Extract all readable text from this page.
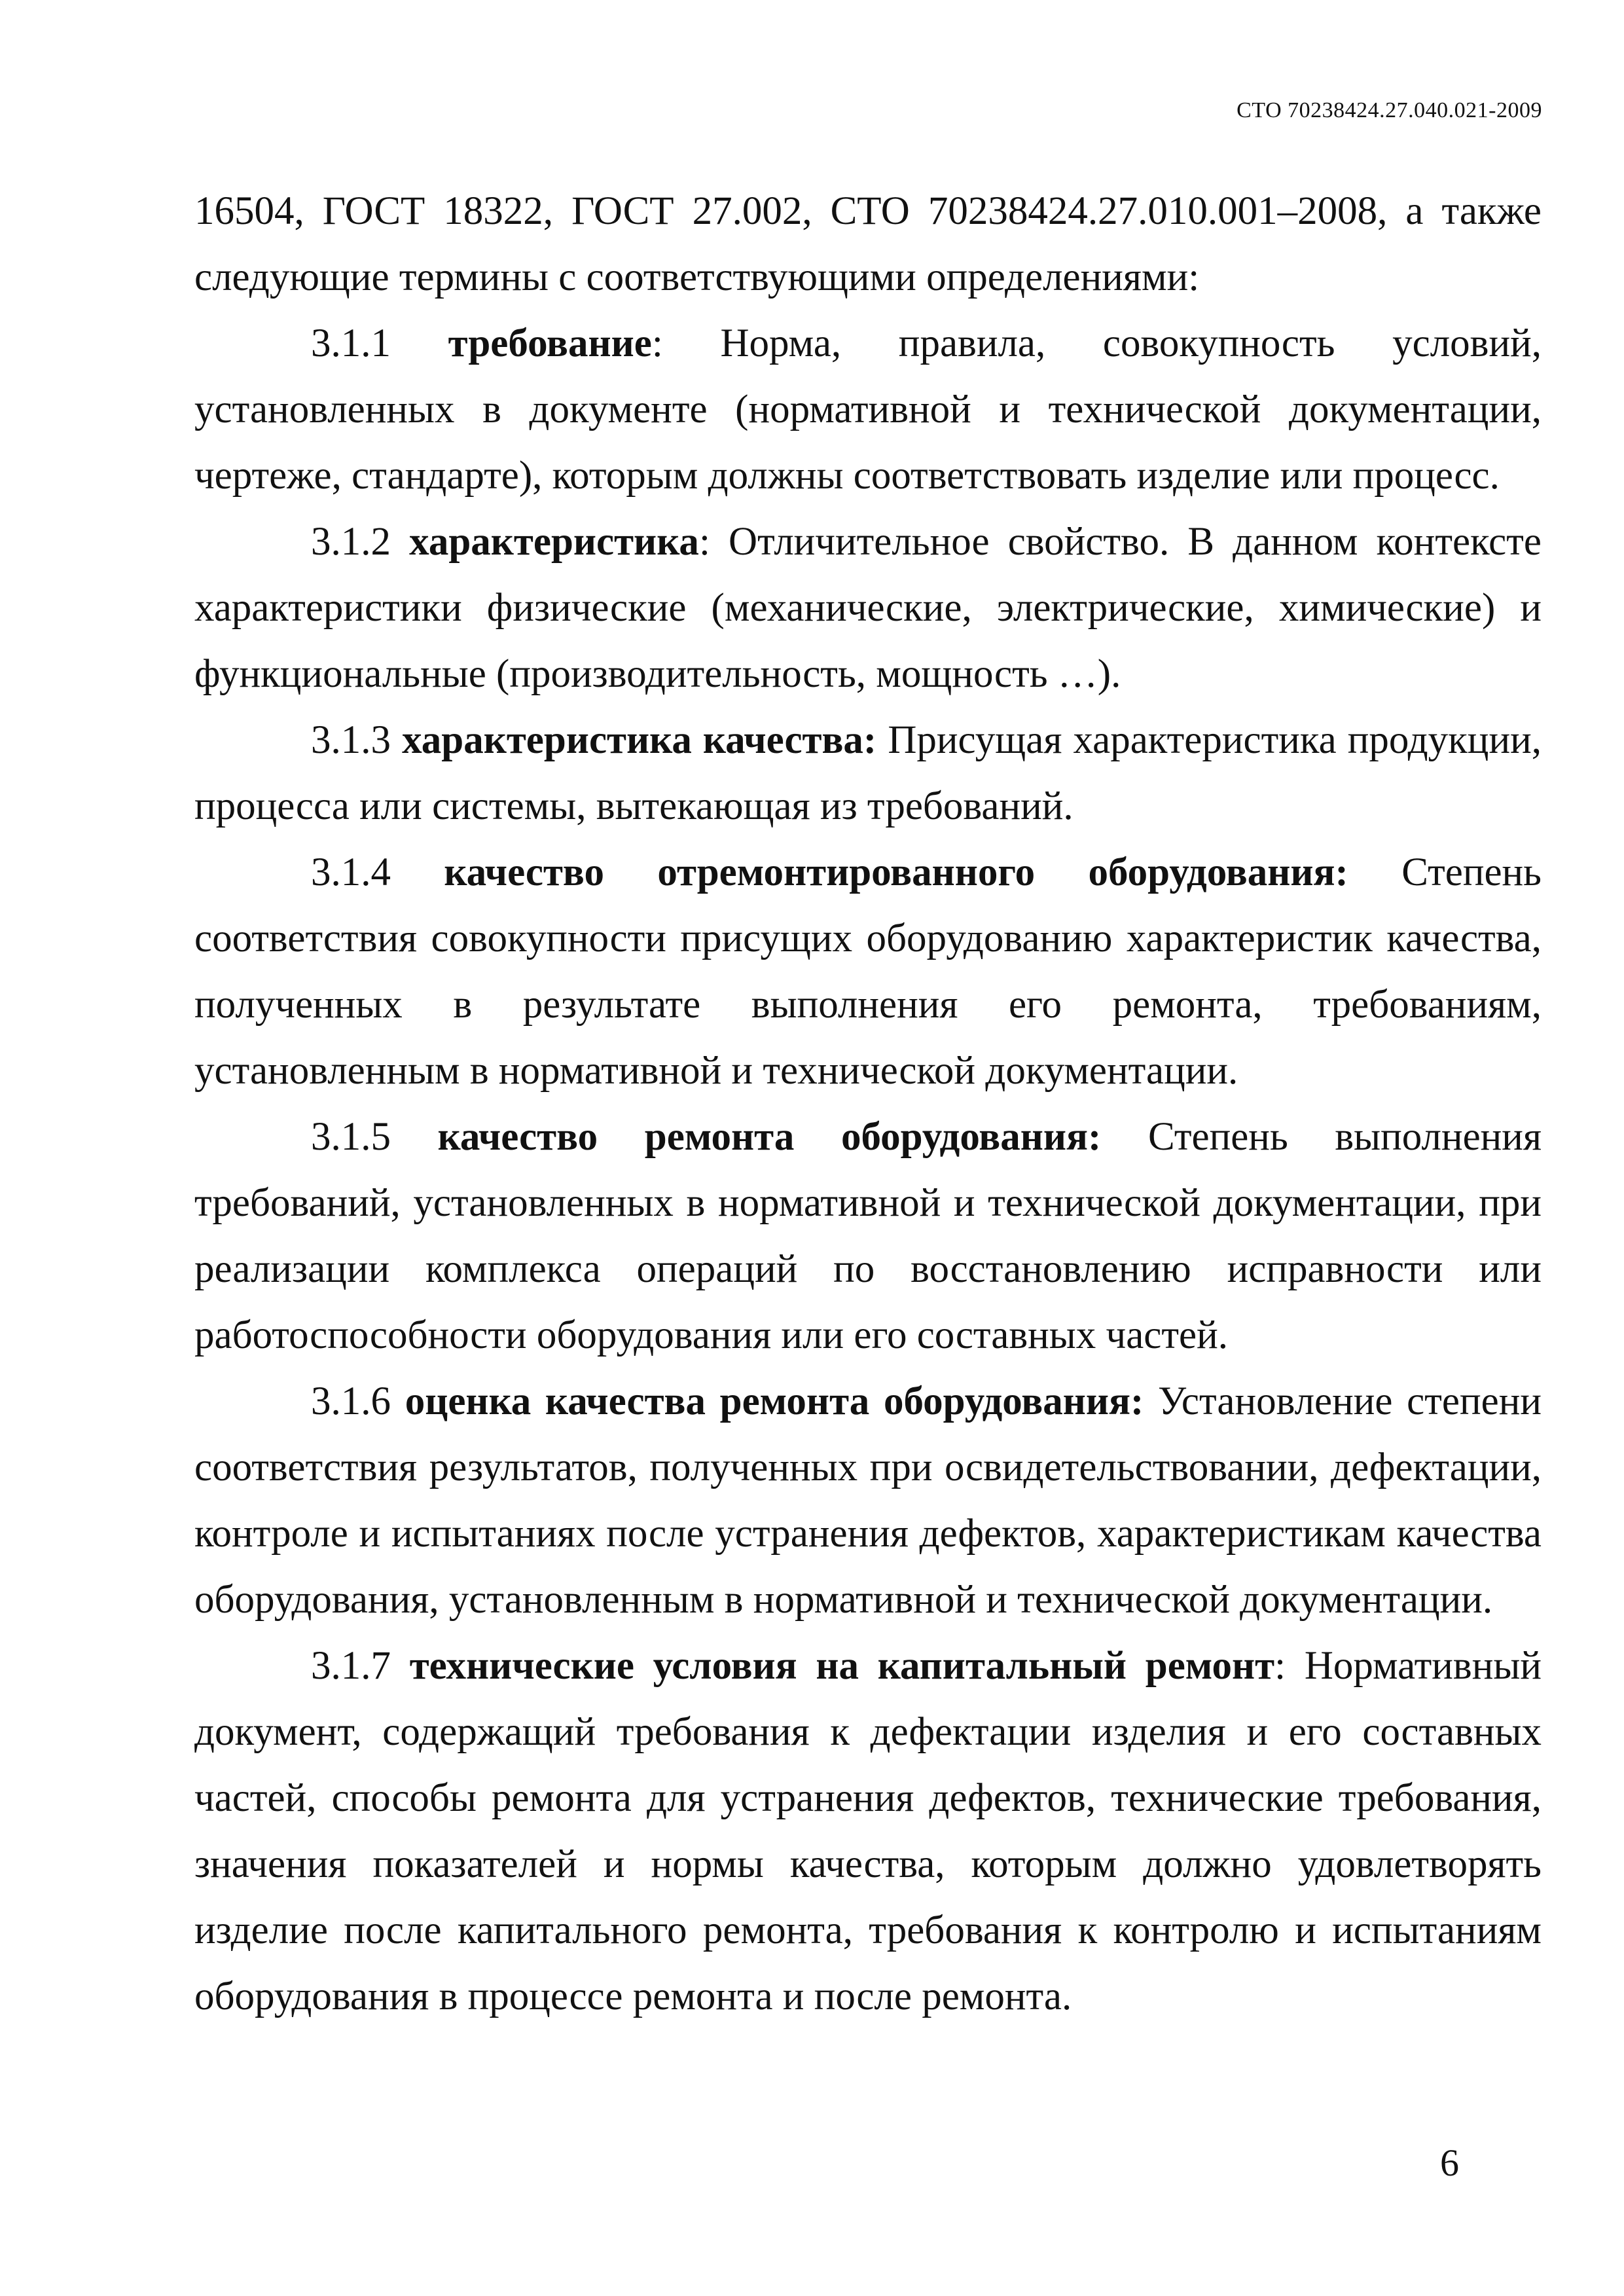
СТО 70238424.27.040.021-2009

16504, ГОСТ 18322, ГОСТ 27.002, СТО 70238424.27.010.001–2008, а также следующие термины с соответствующими определениями:

3.1.1 требование: Норма, правила, совокупность условий, установленных в документе (нормативной и технической документации, чертеже, стандарте), которым должны соответствовать изделие или процесс.

3.1.2 характеристика: Отличительное свойство. В данном контексте характеристики физические (механические, электрические, химические) и функциональные (производительность, мощность …).

3.1.3 характеристика качества: Присущая характеристика продукции, процесса или системы, вытекающая из требований.

3.1.4 качество отремонтированного оборудования: Степень соответствия совокупности присущих оборудованию характеристик качества, полученных в результате выполнения его ремонта, требованиям, установленным в нормативной и технической документации.

3.1.5 качество ремонта оборудования: Степень выполнения требований, установленных в нормативной и технической документации, при реализации комплекса операций по восстановлению исправности или работоспособности оборудования или его составных частей.

3.1.6 оценка качества ремонта оборудования: Установление степени соответствия результатов, полученных при освидетельствовании, дефектации, контроле и испытаниях после устранения дефектов, характеристикам качества оборудования, установленным в нормативной и технической документации.

3.1.7 технические условия на капитальный ремонт: Нормативный документ, содержащий требования к дефектации изделия и его составных частей, способы ремонта для устранения дефектов, технические требования, значения показателей и нормы качества, которым должно удовлетворять изделие после капитального ремонта, требования к контролю и испытаниям оборудования в процессе ремонта и после ремонта.

6
